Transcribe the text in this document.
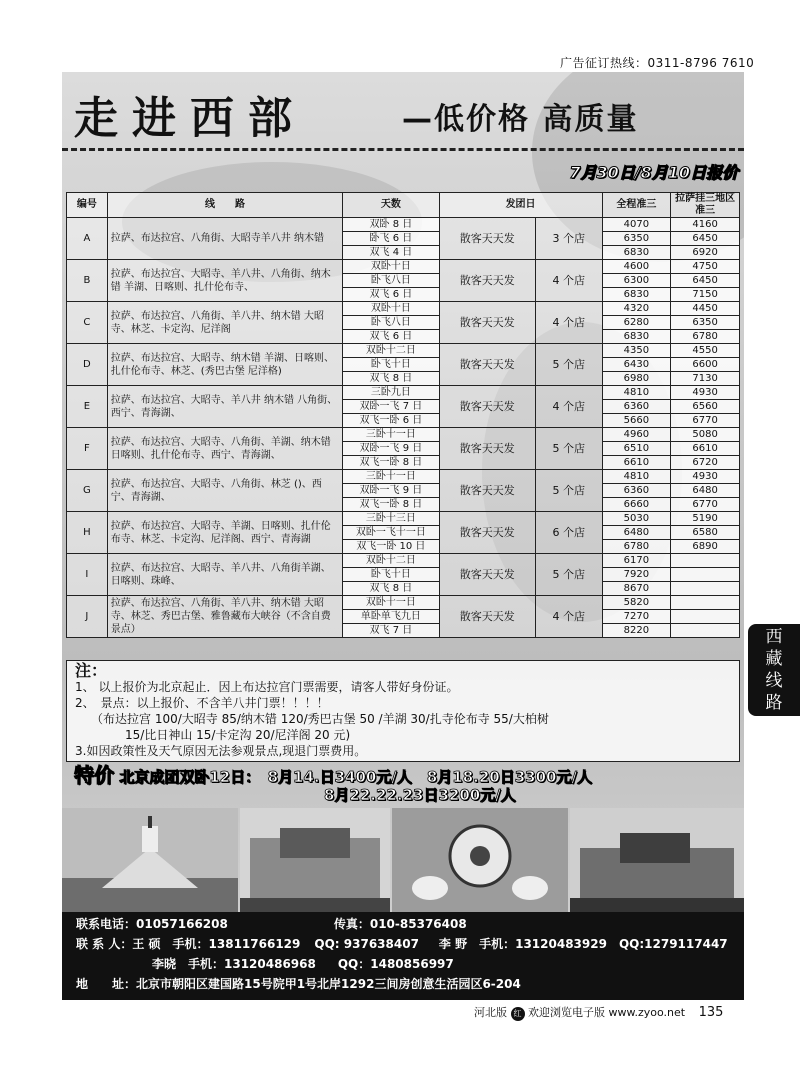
广告征订热线：0311-8796 7610
走进西部	—低价格 高质量
7月30日/8月10日报价
编号	线　　路	天数	发团日		全程准三	拉萨挂三地区准三
A	拉萨、布达拉宫、八角街、大昭寺羊八井 纳木错	双卧 8 日	散客天天发	3 个店	4070	4160
		卧飞 6 日			6350	6450
		双飞 4 日			6830	6920
B	拉萨、布达拉宫、大昭寺、羊八井、八角街、纳木错 羊湖、日喀则、扎什伦布寺、	双卧十日	散客天天发	4 个店	4600	4750
		卧飞八日			6300	6450
		双飞 6 日			6830	7150
C	拉萨、布达拉宫、八角街、羊八井、纳木错 大昭寺、林芝、卡定沟、尼洋阁	双卧十日	散客天天发	4 个店	4320	4450
		卧飞八日			6280	6350
		双飞 6 日			6830	6780
D	拉萨、布达拉宫、大昭寺、纳木错 羊湖、日喀则、扎什伦布寺、林芝、(秀巴古堡 尼洋格)	双卧十二日	散客天天发	5 个店	4350	4550
		卧飞十日			6430	6600
		双飞 8 日			6980	7130
E	拉萨、布达拉宫、大昭寺、羊八井 纳木错 八角街、西宁、青海湖、	三卧九日	散客天天发	4 个店	4810	4930
		双卧一飞 7 日			6360	6560
		双飞一卧 6 日			5660	6770
F	拉萨、布达拉宫、大昭寺、八角街、羊湖、纳木错 日喀则、扎什伦布寺、西宁、青海湖、	三卧十一日	散客天天发	5 个店	4960	5080
		双卧一飞 9 日			6510	6610
		双飞一卧 8 日			6610	6720
G	拉萨、布达拉宫、大昭寺、八角街、林芝 ()、西宁、青海湖、	三卧十一日	散客天天发	5 个店	4810	4930
		双卧一飞 9 日			6360	6480
		双飞一卧 8 日			6660	6770
H	拉萨、布达拉宫、大昭寺、羊湖、日喀则、扎什伦布寺、林芝、卡定沟、尼洋阁、西宁、青海湖	三卧十三日	散客天天发	6 个店	5030	5190
		双卧一飞十一日			6480	6580
		双飞一卧 10 日			6780	6890
I	拉萨、布达拉宫、大昭寺、羊八井、八角街羊湖、日喀则、珠峰、	双卧十二日	散客天天发	5 个店	6170	
		卧飞十日			7920	
		双飞 8 日			8670	
J	拉萨、布达拉宫、八角街、羊八井、纳木错 大昭寺、林芝、秀巴古堡、雅鲁藏布大峡谷（不含自费景点）	双卧十一日	散客天天发	4 个店	5820	
		单卧单飞九日			7270	
		双飞 7 日			8220	
注：
1、 以上报价为北京起止．因上布达拉宫门票需要，请客人带好身份证。
2、　景点：以上报价、不含羊八井门票！！！！
（布达拉宫 100/大昭寺 85/纳木错 120/秀巴古堡 50 /羊湖 30/扎寺伦布寺 55/大柏树
15/比日神山 15/卡定沟 20/尼洋阁 20 元)
3.如因政策性及天气原因无法参观景点,现退门票费用。
特价 北京成团双卧12日：　8月14.日3400元/人　8月18.20日3300元/人
8月22.22.23日3200元/人
西
藏
线
路
联系电话：01057166208	传真：010-85376408
联 系 人：王 硕　手机：13811766129 QQ: 937638407 李 野　手机：13120483929 QQ:1279117447
李晓　手机：13120486968 QQ：1480856997
地　　址：北京市朝阳区建国路15号院甲1号北岸1292三间房创意生活园区6-204
河北版 红 欢迎浏览电子版 www.zyoo.net 135
